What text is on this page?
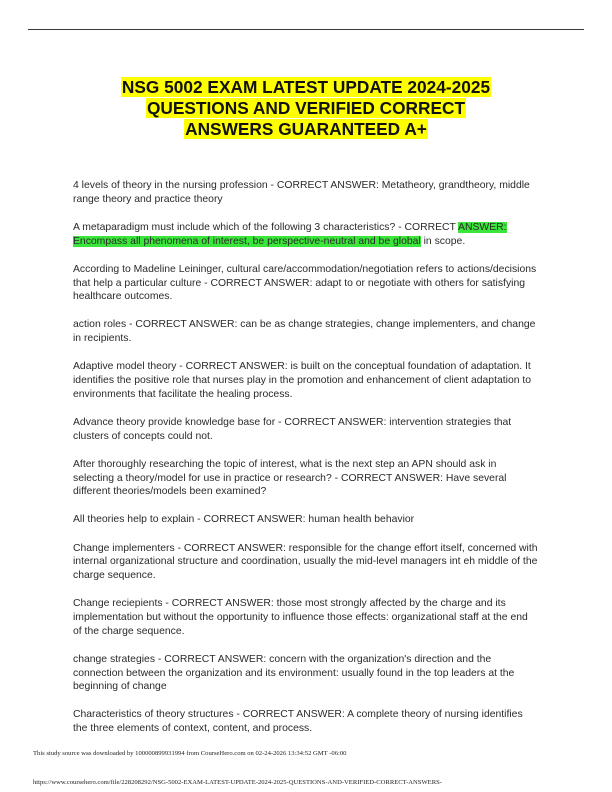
NSG 5002 EXAM LATEST UPDATE 2024-2025
QUESTIONS AND VERIFIED CORRECT
ANSWERS GUARANTEED A+

4 levels of theory in the nursing profession - CORRECT ANSWER: Metatheory, grandtheory, middle range theory and practice theory

A metaparadigm must include which of the following 3 characteristics? - CORRECT ANSWER: Encompass all phenomena of interest, be perspective-neutral and be global in scope.

According to Madeline Leininger, cultural care/accommodation/negotiation refers to actions/decisions that help a particular culture - CORRECT ANSWER: adapt to or negotiate with others for satisfying healthcare outcomes.

action roles - CORRECT ANSWER: can be as change strategies, change implementers, and change in recipients.

Adaptive model theory - CORRECT ANSWER: is built on the conceptual foundation of adaptation. It identifies the positive role that nurses play in the promotion and enhancement of client adaptation to environments that facilitate the healing process.

Advance theory provide knowledge base for - CORRECT ANSWER: intervention strategies that clusters of concepts could not.

After thoroughly researching the topic of interest, what is the next step an APN should ask in selecting a theory/model for use in practice or research? - CORRECT ANSWER: Have several different theories/models been examined?

All theories help to explain - CORRECT ANSWER: human health behavior

Change implementers - CORRECT ANSWER: responsible for the change effort itself, concerned with internal organizational structure and coordination, usually the mid-level managers int eh middle of the charge sequence.

Change reciepients - CORRECT ANSWER: those most strongly affected by the charge and its implementation but without the opportunity to influence those effects: organizational staff at the end of the charge sequence.

change strategies - CORRECT ANSWER: concern with the organization's direction and the connection between the organization and its environment: usually found in the top leaders at the beginning of change

Characteristics of theory structures - CORRECT ANSWER: A complete theory of nursing identifies the three elements of context, content, and process.

This study source was downloaded by 100000899931994 from CourseHero.com on 02-24-2026 13:34:52 GMT -06:00
https://www.coursehero.com/file/228208292/NSG-5002-EXAM-LATEST-UPDATE-2024-2025-QUESTIONS-AND-VERIFIED-CORRECT-ANSWERS-
